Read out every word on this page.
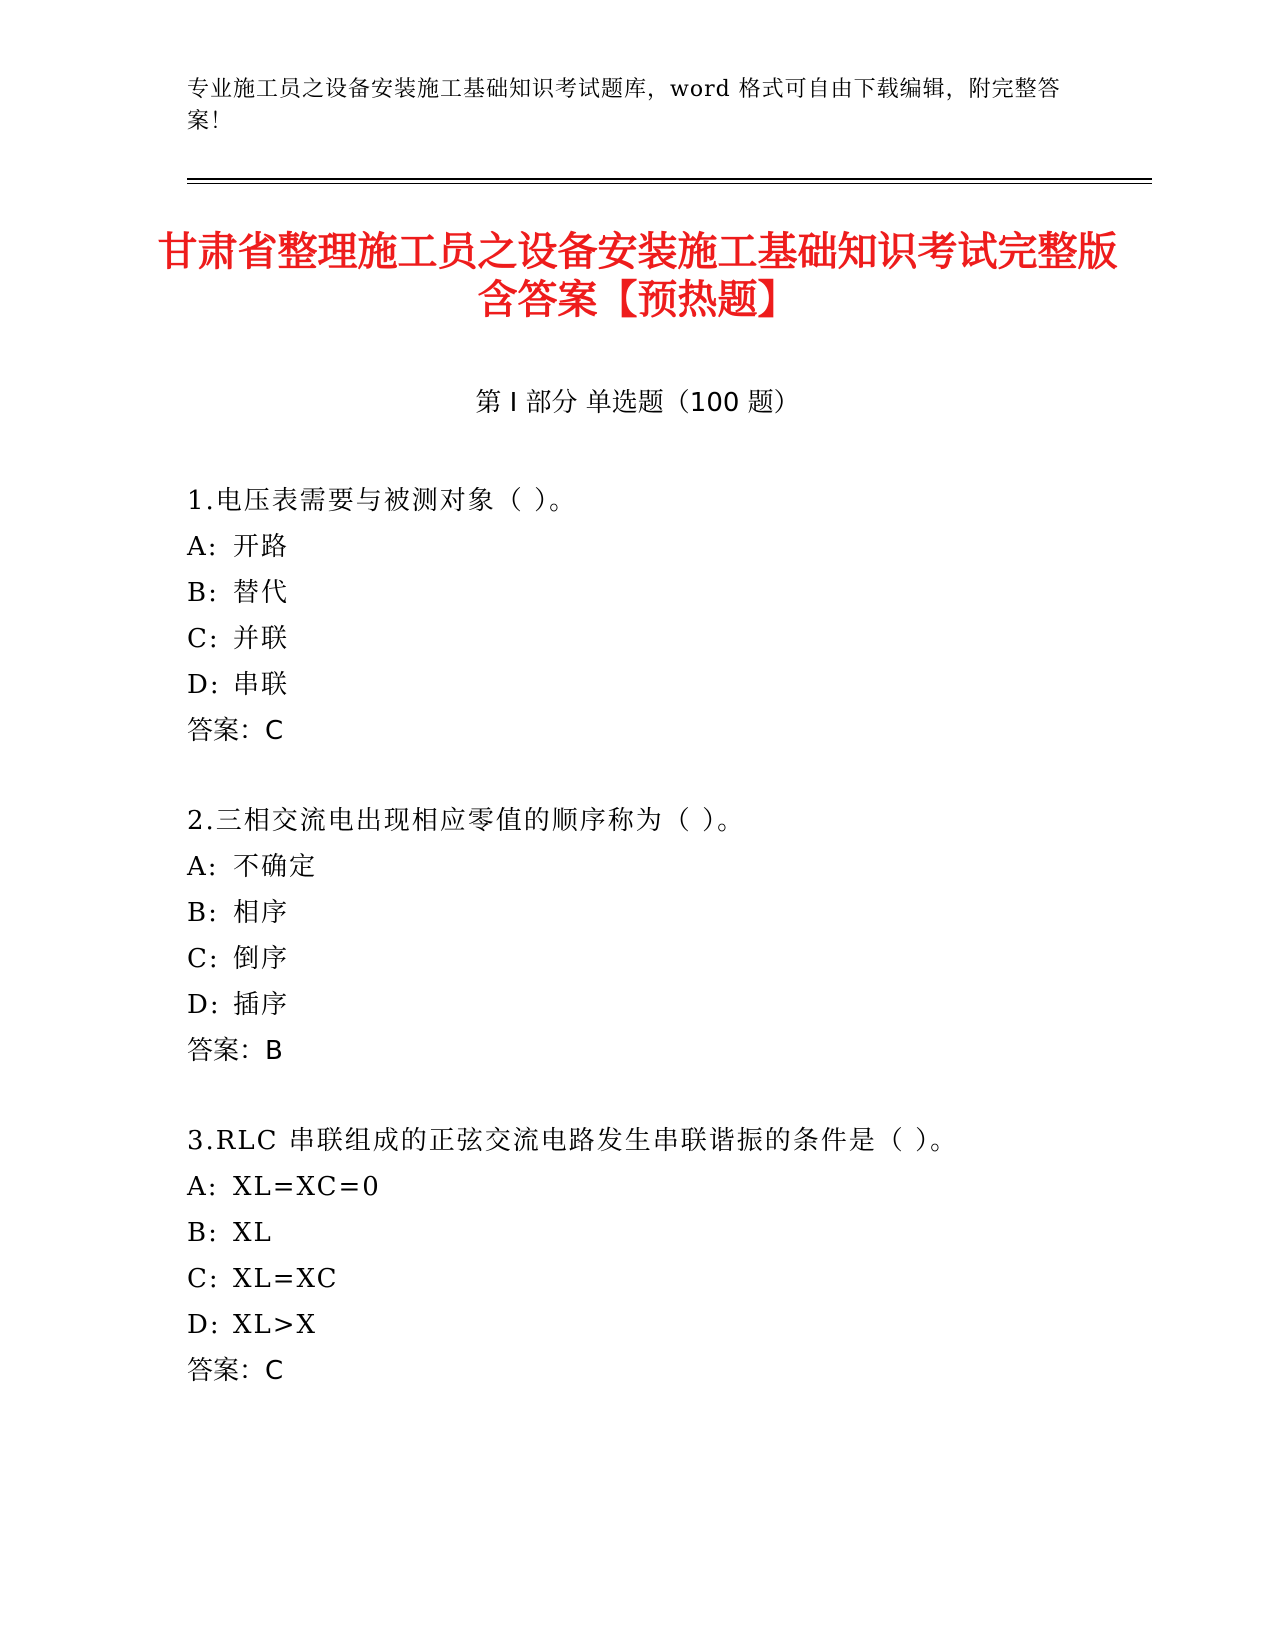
专业施工员之设备安装施工基础知识考试题库，word 格式可自由下载编辑，附完整答案！
甘肃省整理施工员之设备安装施工基础知识考试完整版含答案【预热题】
第 I 部分 单选题（100 题）
1.电压表需要与被测对象（ ）。
A: 开路
B: 替代
C: 并联
D: 串联
答案：C
2.三相交流电出现相应零值的顺序称为（ ）。
A: 不确定
B: 相序
C: 倒序
D: 插序
答案：B
3.RLC 串联组成的正弦交流电路发生串联谐振的条件是（ ）。
A: XL=XC=0
B: XL
C: XL=XC
D: XL>X
答案：C
